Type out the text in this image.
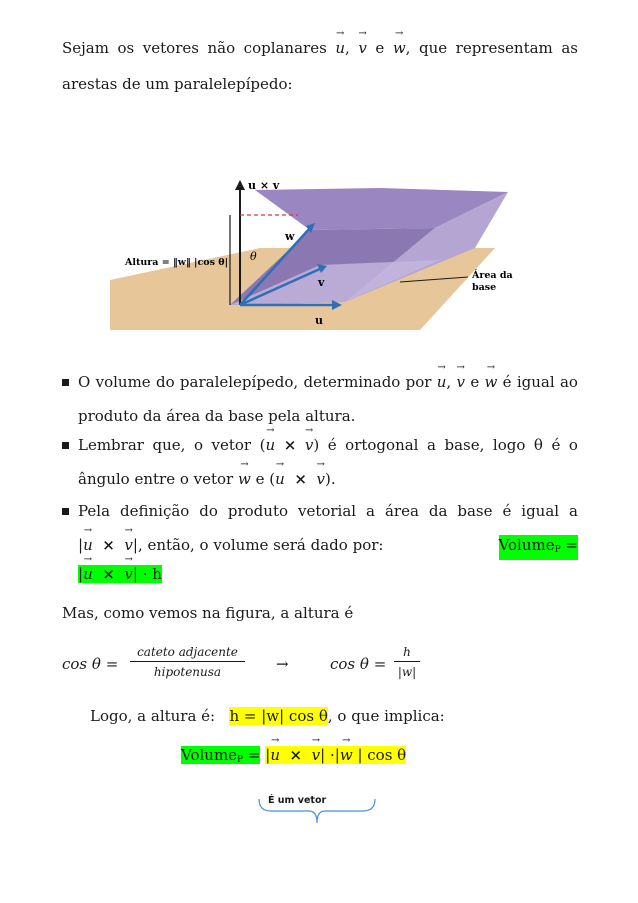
Sejam os vetores não coplanares → u, → v e → w, que representam as
arestas de um paralelepípedo:
u × v
w
v
u
θ
Altura = ‖w‖ |cos θ|
Área da
base
O volume do paralelepípedo, determinado por → u, → v e → w é igual ao
produto da área da base pela altura.
Lembrar que, o vetor (→ u × → v) é ortogonal a base, logo θ é o
ângulo entre o vetor → w e (→ u × → v).
Pela definição do produto vetorial a área da base é igual a
|→ u × → v|, então, o volume será dado por:	Volume$_P$ =
|→ u × → v| · h
Mas, como vemos na figura, a altura é
cos θ =
cateto adjacente
hipotenusa	→	$\cos \theta = \frac{h}{|w|}$
Logo, a altura é: h = |w| cos θ, o que implica:
Volume$_P$ = |→ u × → v| ·|→ w | cos θ
É um vetor
